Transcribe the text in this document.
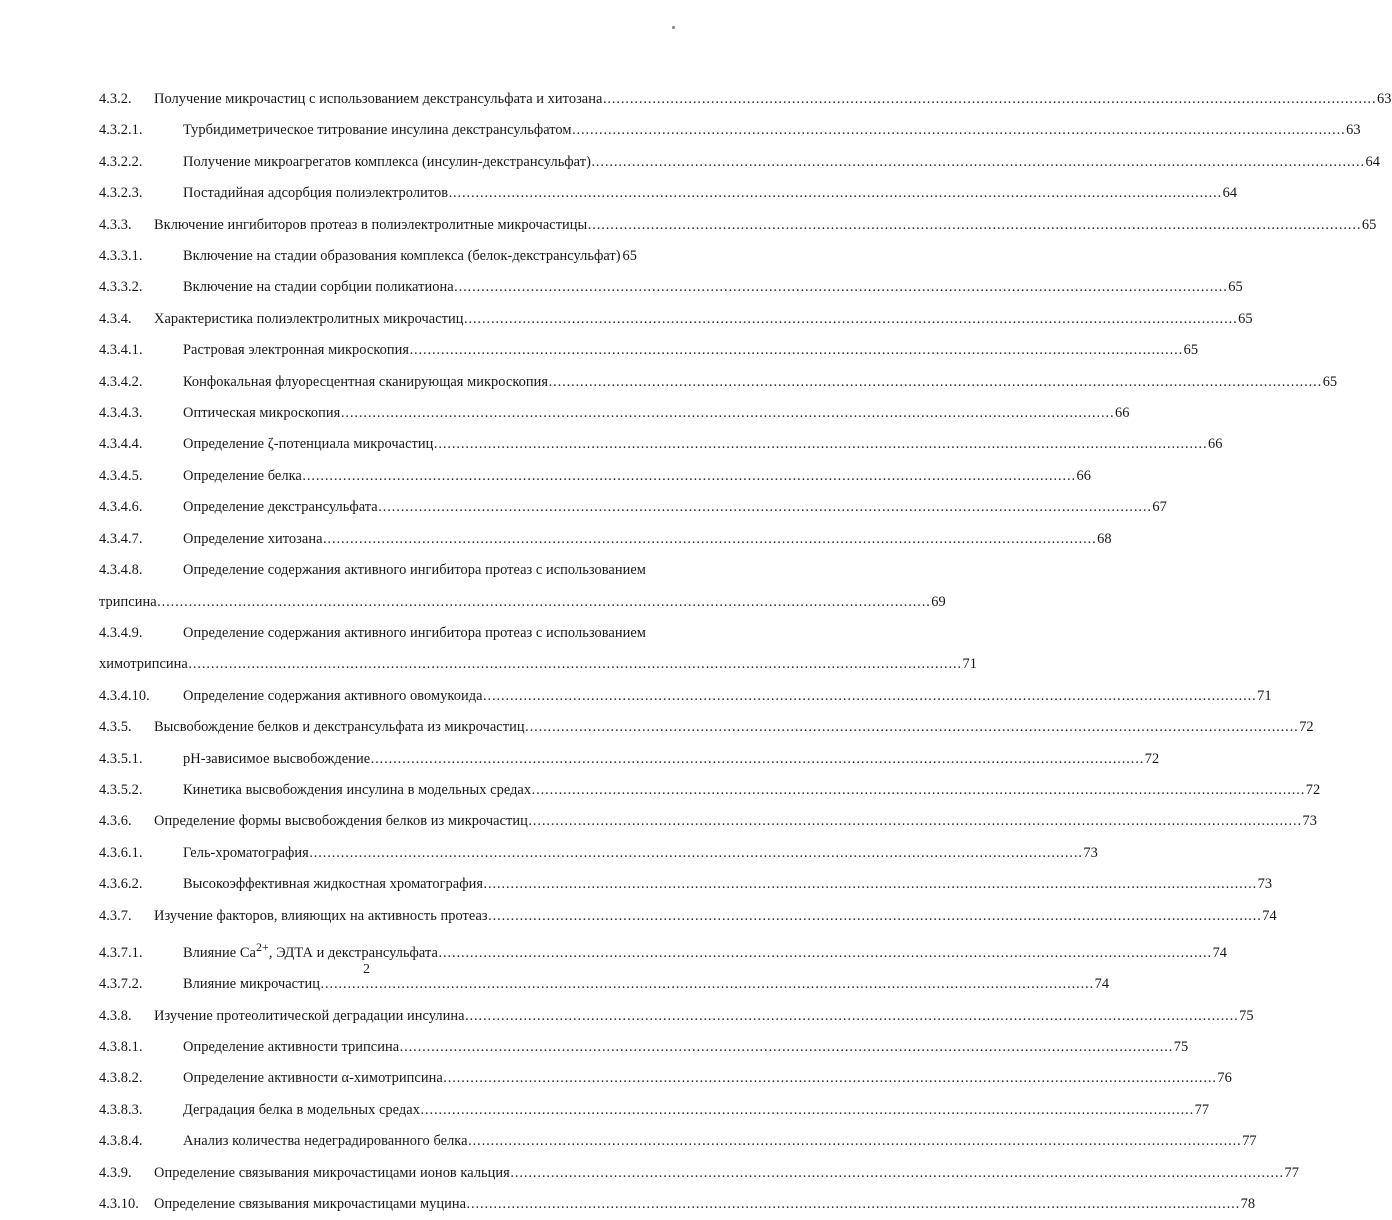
4.3.2.	Получение микрочастиц с использованием декстрансульфата и хитозана .....	63
4.3.2.1.	Турбидиметрическое титрование инсулина декстрансульфатом .....	63
4.3.2.2.	Получение микроагрегатов комплекса (инсулин-декстрансульфат) .....	64
4.3.2.3.	Постадийная адсорбция полиэлектролитов .....	64
4.3.3.	Включение ингибиторов протеаз в полиэлектролитные микрочастицы .....	65
4.3.3.1.	Включение на стадии образования комплекса (белок-декстрансульфат) ..... 65
4.3.3.2.	Включение на стадии сорбции поликатиона .....	65
4.3.4.	Характеристика полиэлектролитных микрочастиц .....	65
4.3.4.1.	Растровая электронная микроскопия .....	65
4.3.4.2.	Конфокальная флуоресцентная сканирующая микроскопия .....	65
4.3.4.3.	Оптическая микроскопия .....	66
4.3.4.4.	Определение ζ-потенциала микрочастиц .....	66
4.3.4.5.	Определение белка .....	66
4.3.4.6.	Определение декстрансульфата .....	67
4.3.4.7.	Определение хитозана .....	68
4.3.4.8.	Определение содержания активного ингибитора протеаз с использованием
трипсина .....	69
4.3.4.9.	Определение содержания активного ингибитора протеаз с использованием
химотрипсина .....	71
4.3.4.10.	Определение содержания активного овомукоида .....	71
4.3.5.	Высвобождение белков и декстрансульфата из микрочастиц .....	72
4.3.5.1.	рН-зависимое высвобождение .....	72
4.3.5.2.	Кинетика высвобождения инсулина в модельных средах .....	72
4.3.6.	Определение формы высвобождения белков из микрочастиц .....	73
4.3.6.1.	Гель-хроматография .....	73
4.3.6.2.	Высокоэффективная жидкостная хроматография .....	73
4.3.7.	Изучение факторов, влияющих на активность протеаз .....	74
4.3.7.1.	Влияние $Ca^{2+}$, ЭДТА и декстрансульфата .....	74
4.3.7.2.	Влияние микрочастиц .....	74
4.3.8.	Изучение протеолитической деградации инсулина .....	75
4.3.8.1.	Определение активности трипсина .....	75
4.3.8.2.	Определение активности α-химотрипсина .....	76
4.3.8.3.	Деградация белка в модельных средах .....	77
4.3.8.4.	Анализ количества недеградированного белка .....	77
4.3.9.	Определение связывания микрочастицами ионов кальция .....	77
4.3.10.	Определение связывания микрочастицами муцина .....	78
2
